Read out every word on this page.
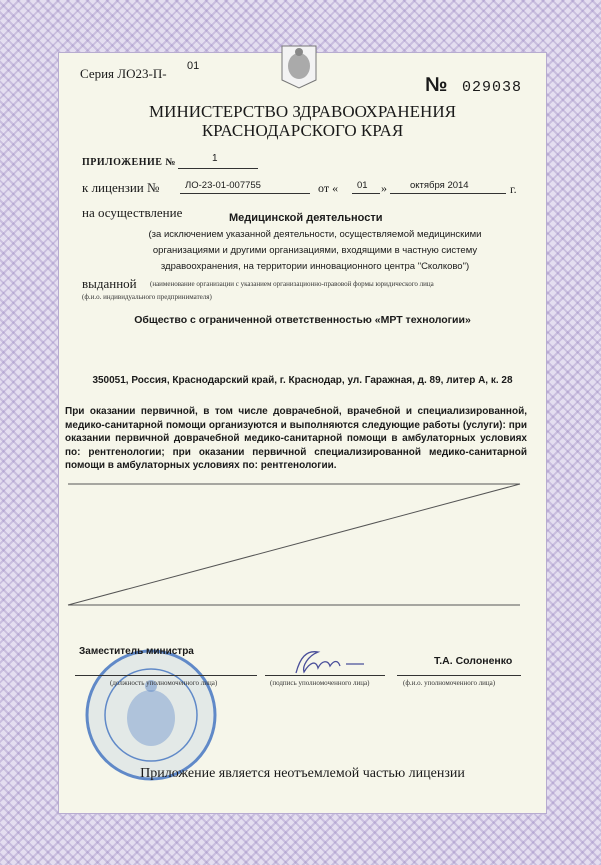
Серия ЛО23-П- 01
№ 029038
МИНИСТЕРСТВО ЗДРАВООХРАНЕНИЯ
КРАСНОДАРСКОГО КРАЯ
ПРИЛОЖЕНИЕ №	1
к лицензии №	ЛО-23-01-007755	от « 01 » октября 2014	г.
на осуществление	Медицинской деятельности
(за исключением указанной деятельности, осуществляемой медицинскими
организациями и другими организациями, входящими в частную систему
здравоохранения, на территории инновационного центра "Сколково")
выданной (наименование организации с указанием организационно-правовой формы юридического лица
(ф.и.о. индивидуального предпринимателя)
Общество с ограниченной ответственностью «МРТ технологии»
350051, Россия, Краснодарский край, г. Краснодар, ул. Гаражная, д. 89, литер А, к. 28
При оказании первичной, в том числе доврачебной, врачебной и специализированной, медико-санитарной помощи организуются и выполняются следующие работы (услуги): при оказании первичной доврачебной медико-санитарной помощи в амбулаторных условиях по: рентгенологии; при оказании первичной специализированной медико-санитарной помощи в амбулаторных условиях по: рентгенологии.
Заместитель министра
Т.А. Солоненко
(должность уполномоченного лица)	(подпись уполномоченного лица)	(ф.и.о. уполномоченного лица)
Приложение является неотъемлемой частью лицензии
